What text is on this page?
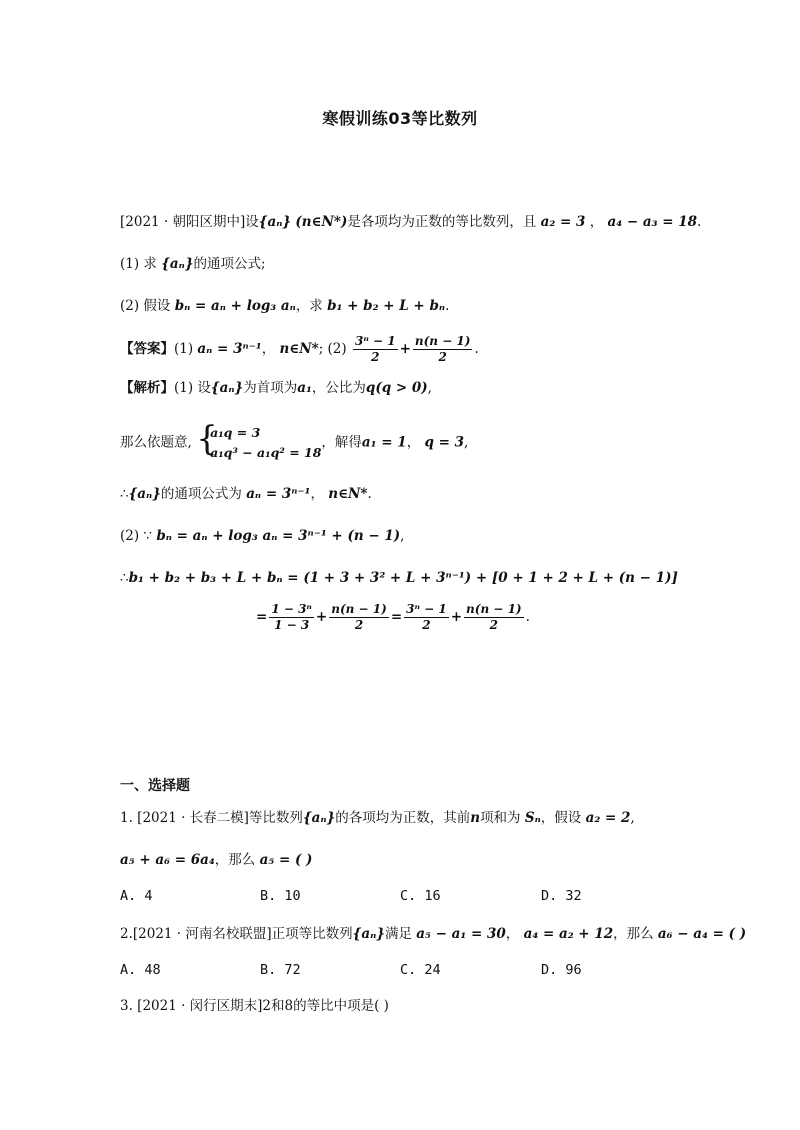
寒假训练03等比数列
[2021 · 朝阳区期中]设{aₙ} (n∈N*)是各项均为正数的等比数列，且 a₂ = 3 ， a₄ − a₃ = 18.
(1) 求 {aₙ}的通项公式;
(2) 假设 bₙ = aₙ + log₃ aₙ，求 b₁ + b₂ + L + bₙ.
【答案】(1) aₙ = 3ⁿ⁻¹， n∈N*; $(2) \frac{\text{3ⁿ − 1}}{2} + \frac{n(n - 1)}{2}$ .
【解析】(1) 设{aₙ}为首项为a₁，公比为q(q > 0),
那么依题意, {
a₁q = 3
a₁q³ − a₁q² = 18
，解得a₁ = 1， q = 3,
∴{aₙ}的通项公式为 aₙ = 3ⁿ⁻¹， n∈N*.
(2) ∵ bₙ = aₙ + log₃ aₙ = 3ⁿ⁻¹ + (n − 1),
∴b₁ + b₂ + b₃ + L + bₙ = (1 + 3 + 3² + L + 3ⁿ⁻¹) + [0 + 1 + 2 + L + (n − 1)]
= $\frac{\text{1 − 3ⁿ}}{1 - 3} + \frac{n(n - 1)}{2} = \frac{\text{3ⁿ − 1}}{2} + \frac{n(n - 1)}{2}$ .
一、选择题
1. [2021 · 长春二模]等比数列{aₙ}的各项均为正数，其前n项和为 Sₙ，假设 a₂ = 2,
a₅ + a₆ = 6a₄，那么 a₅ = ( )
A. 4	B. 10	C. 16	D. 32
2.[2021 · 河南名校联盟]正项等比数列{aₙ}满足 a₅ − a₁ = 30， a₄ = a₂ + 12，那么 a₆ − a₄ = ( )
A. 48	B. 72	C. 24	D. 96
3. [2021 · 闵行区期末]2和8的等比中项是( )
